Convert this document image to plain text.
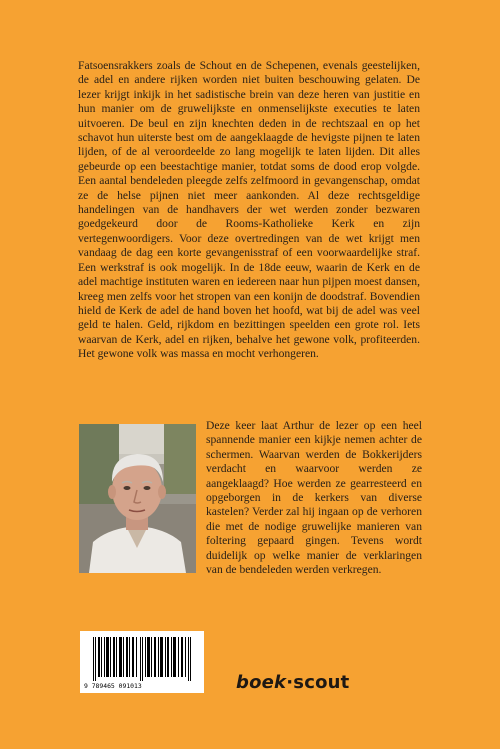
Fatsoensrakkers zoals de Schout en de Schepenen, evenals geestelijken, de adel en andere rijken worden niet buiten beschouwing gelaten. De lezer krijgt inkijk in het sadistische brein van deze heren van justitie en hun manier om de gruwelijkste en onmenselijkste executies te laten uitvoeren. De beul en zijn knechten deden in de rechtszaal en op het schavot hun uiterste best om de aangeklaagde de hevigste pijnen te laten lijden, of de al veroordeelde zo lang mogelijk te laten lijden. Dit alles gebeurde op een beestachtige manier, totdat soms de dood erop volgde. Een aantal bendeleden pleegde zelfs zelfmoord in gevangenschap, omdat ze de helse pijnen niet meer aankonden. Al deze rechtsgeldige handelingen van de handhavers der wet werden zonder bezwaren goedgekeurd door de Rooms-Katholieke Kerk en zijn vertegenwoordigers. Voor deze overtredingen van de wet krijgt men vandaag de dag een korte gevangenisstraf of een voorwaardelijke straf. Een werkstraf is ook mogelijk. In de 18de eeuw, waarin de Kerk en de adel machtige instituten waren en iedereen naar hun pijpen moest dansen, kreeg men zelfs voor het stropen van een konijn de doodstraf. Bovendien hield de Kerk de adel de hand boven het hoofd, wat bij de adel was veel geld te halen. Geld, rijkdom en bezittingen speelden een grote rol. Iets waarvan de Kerk, adel en rijken, behalve het gewone volk, profiteerden. Het gewone volk was massa en mocht verhongeren.

Deze keer laat Arthur de lezer op een heel spannende manier een kijkje nemen achter de schermen. Waarvan werden de Bokkerijders verdacht en waarvoor werden ze aangeklaagd? Hoe werden ze gearresteerd en opgeborgen in de kerkers van diverse kastelen? Verder zal hij ingaan op de verhoren die met de nodige gruwelijke manieren van foltering gepaard gingen. Tevens wordt duidelijk op welke manier de verklaringen van de bendeleden werden verkregen.

9 789465 091013	boek·scout
